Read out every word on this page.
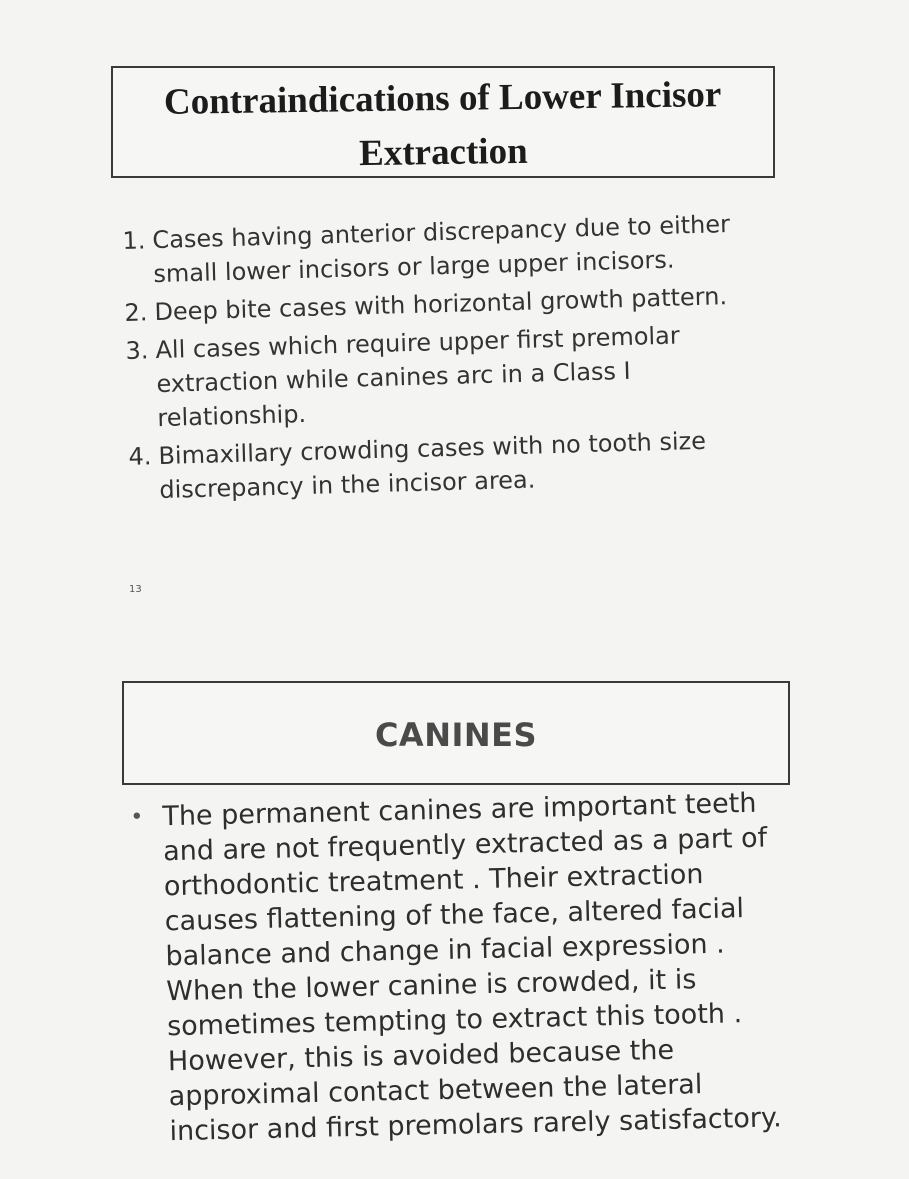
Contraindications of Lower Incisor Extraction
1. Cases having anterior discrepancy due to either small lower incisors or large upper incisors.
2. Deep bite cases with horizontal growth pattern.
3. All cases which require upper first premolar extraction while canines arc in a Class I relationship.
4. Bimaxillary crowding cases with no tooth size discrepancy in the incisor area.
13
CANINES
• The permanent canines are important teeth and are not frequently extracted as a part of orthodontic treatment . Their extraction causes flattening of the face, altered facial balance and change in facial expression . When the lower canine is crowded, it is sometimes tempting to extract this tooth . However, this is avoided because the approximal contact between the lateral incisor and first premolars rarely satisfactory.
